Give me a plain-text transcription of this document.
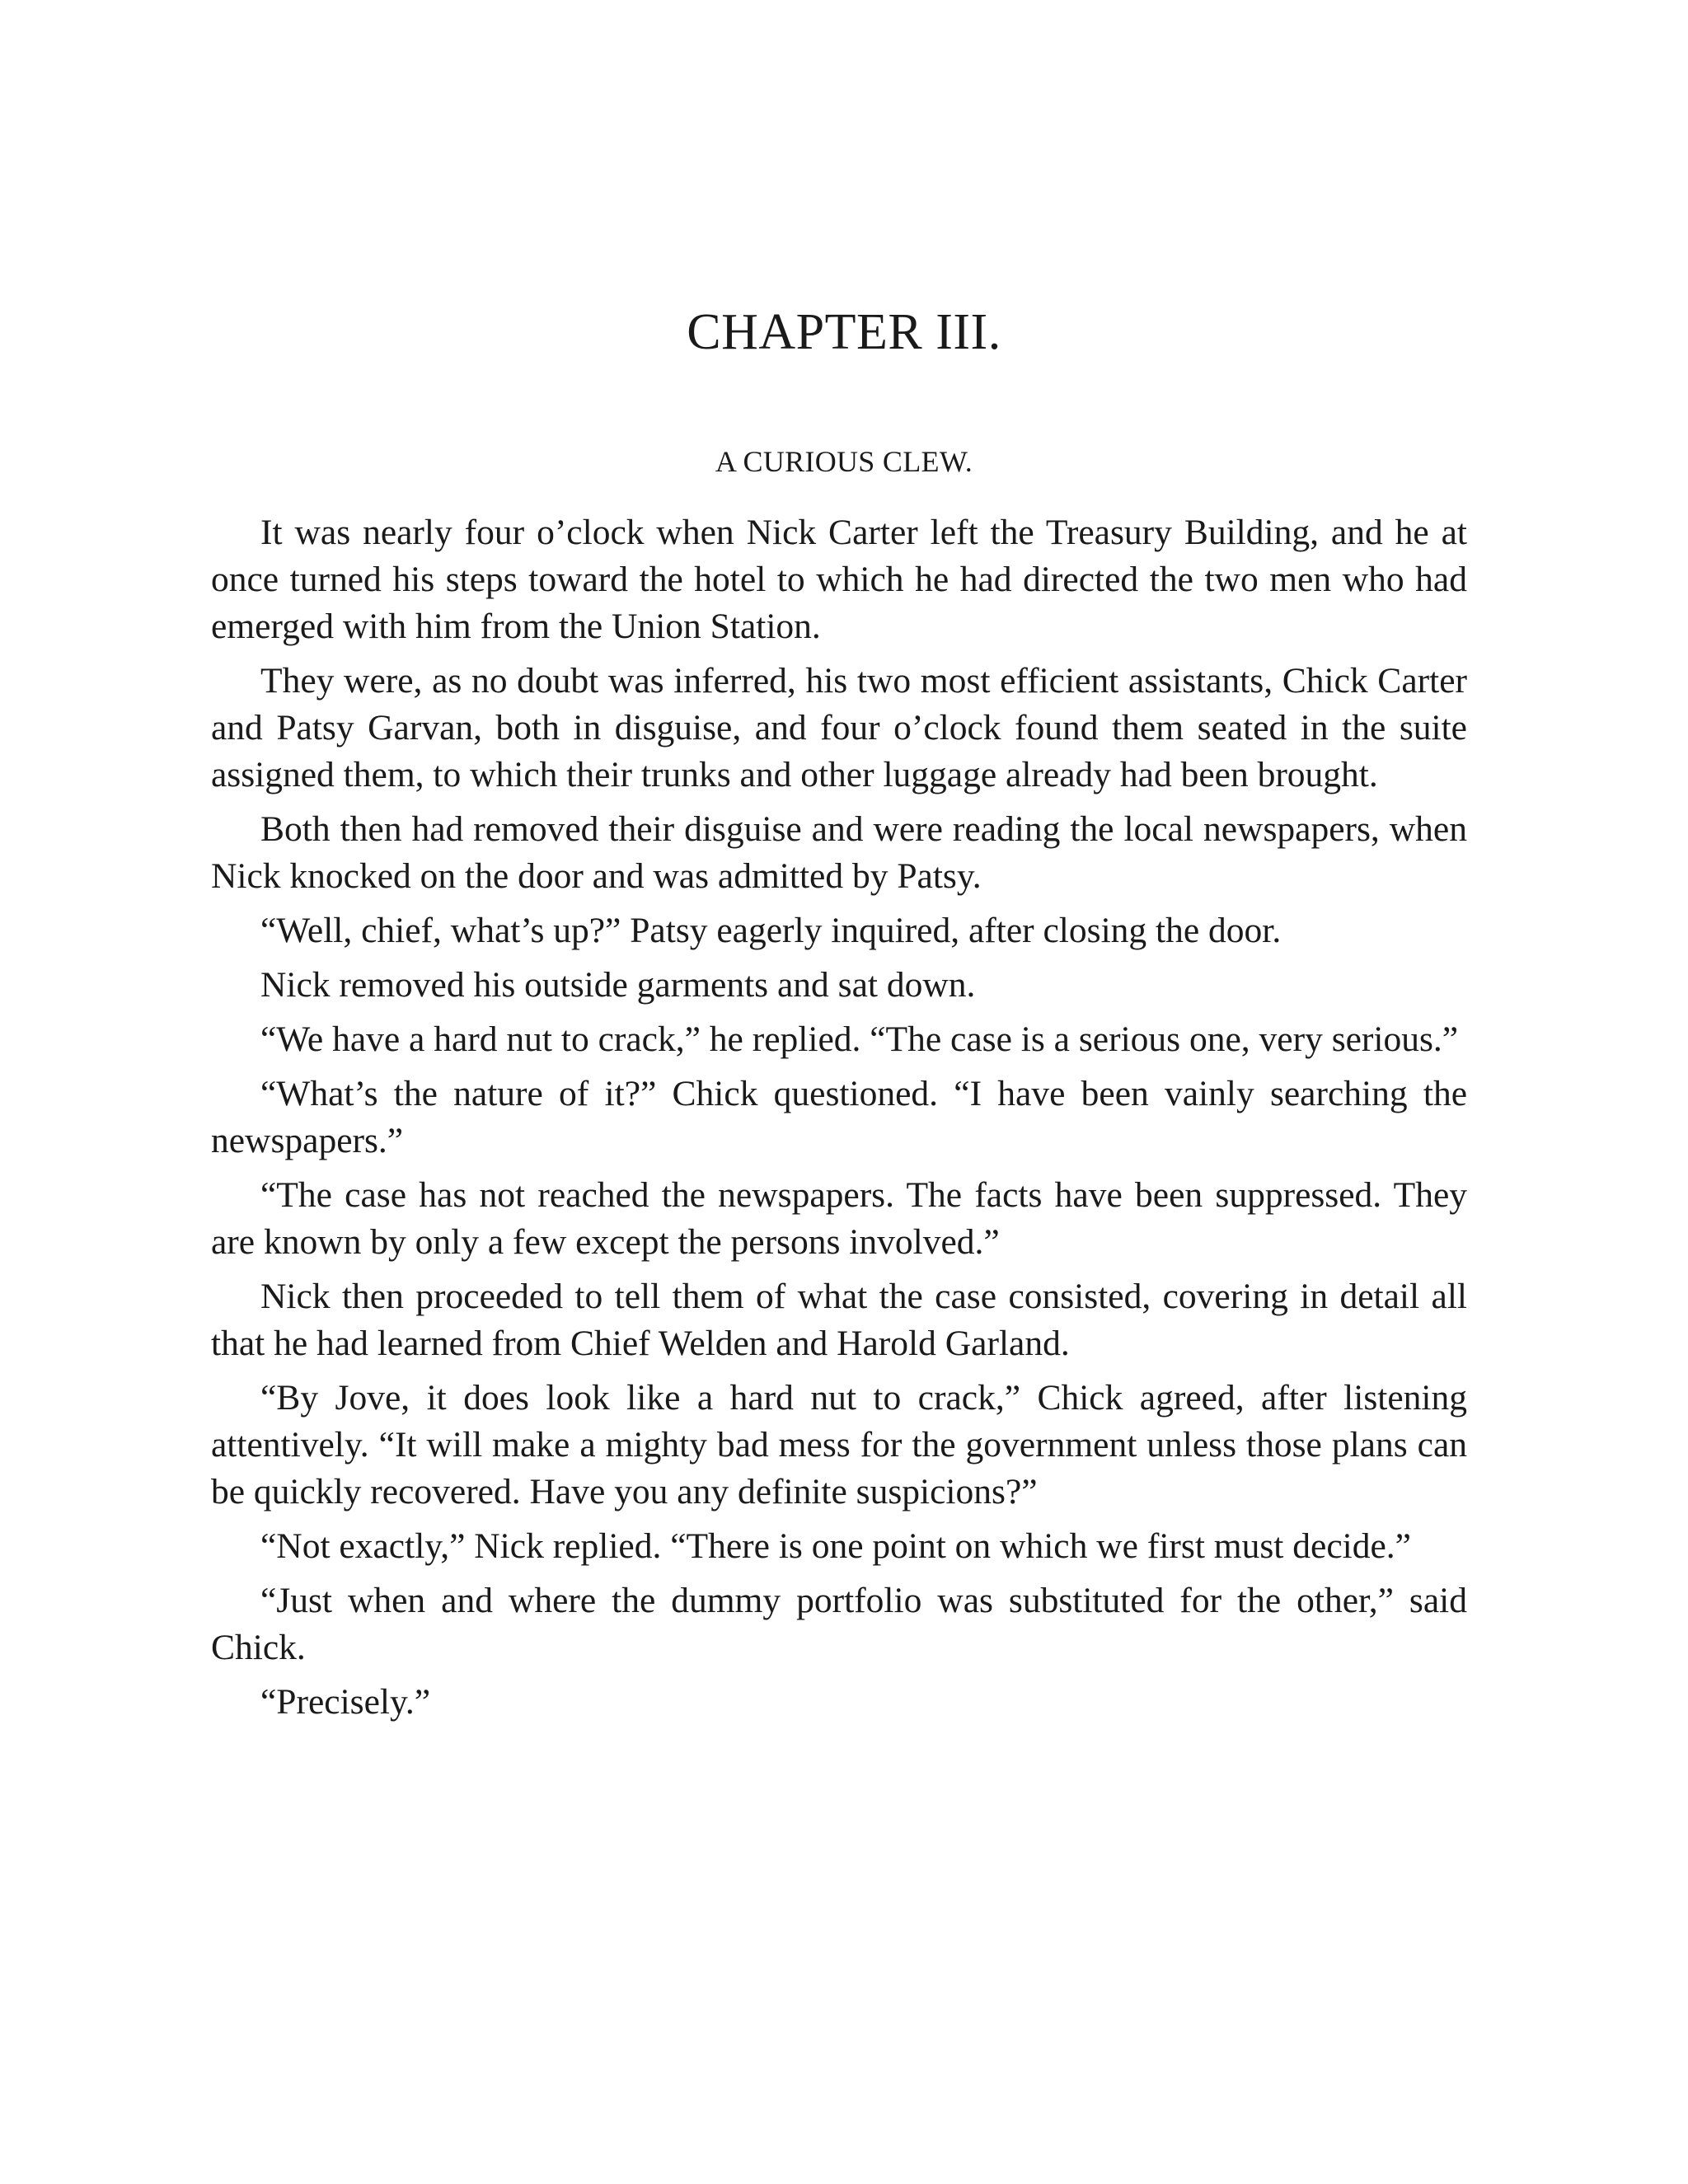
CHAPTER III.
A CURIOUS CLEW.

It was nearly four o’clock when Nick Carter left the Treasury Building, and he at once turned his steps toward the hotel to which he had directed the two men who had emerged with him from the Union Station.

They were, as no doubt was inferred, his two most efficient assistants, Chick Carter and Patsy Garvan, both in disguise, and four o’clock found them seated in the suite assigned them, to which their trunks and other luggage already had been brought.

Both then had removed their disguise and were reading the local newspapers, when Nick knocked on the door and was admitted by Patsy.

“Well, chief, what’s up?” Patsy eagerly inquired, after closing the door.

Nick removed his outside garments and sat down.

“We have a hard nut to crack,” he replied. “The case is a serious one, very serious.”

“What’s the nature of it?” Chick questioned. “I have been vainly searching the newspapers.”

“The case has not reached the newspapers. The facts have been suppressed. They are known by only a few except the persons involved.”

Nick then proceeded to tell them of what the case consisted, covering in detail all that he had learned from Chief Welden and Harold Garland.

“By Jove, it does look like a hard nut to crack,” Chick agreed, after listening attentively. “It will make a mighty bad mess for the government unless those plans can be quickly recovered. Have you any definite suspicions?”

“Not exactly,” Nick replied. “There is one point on which we first must decide.”

“Just when and where the dummy portfolio was substituted for the other,” said Chick.

“Precisely.”
